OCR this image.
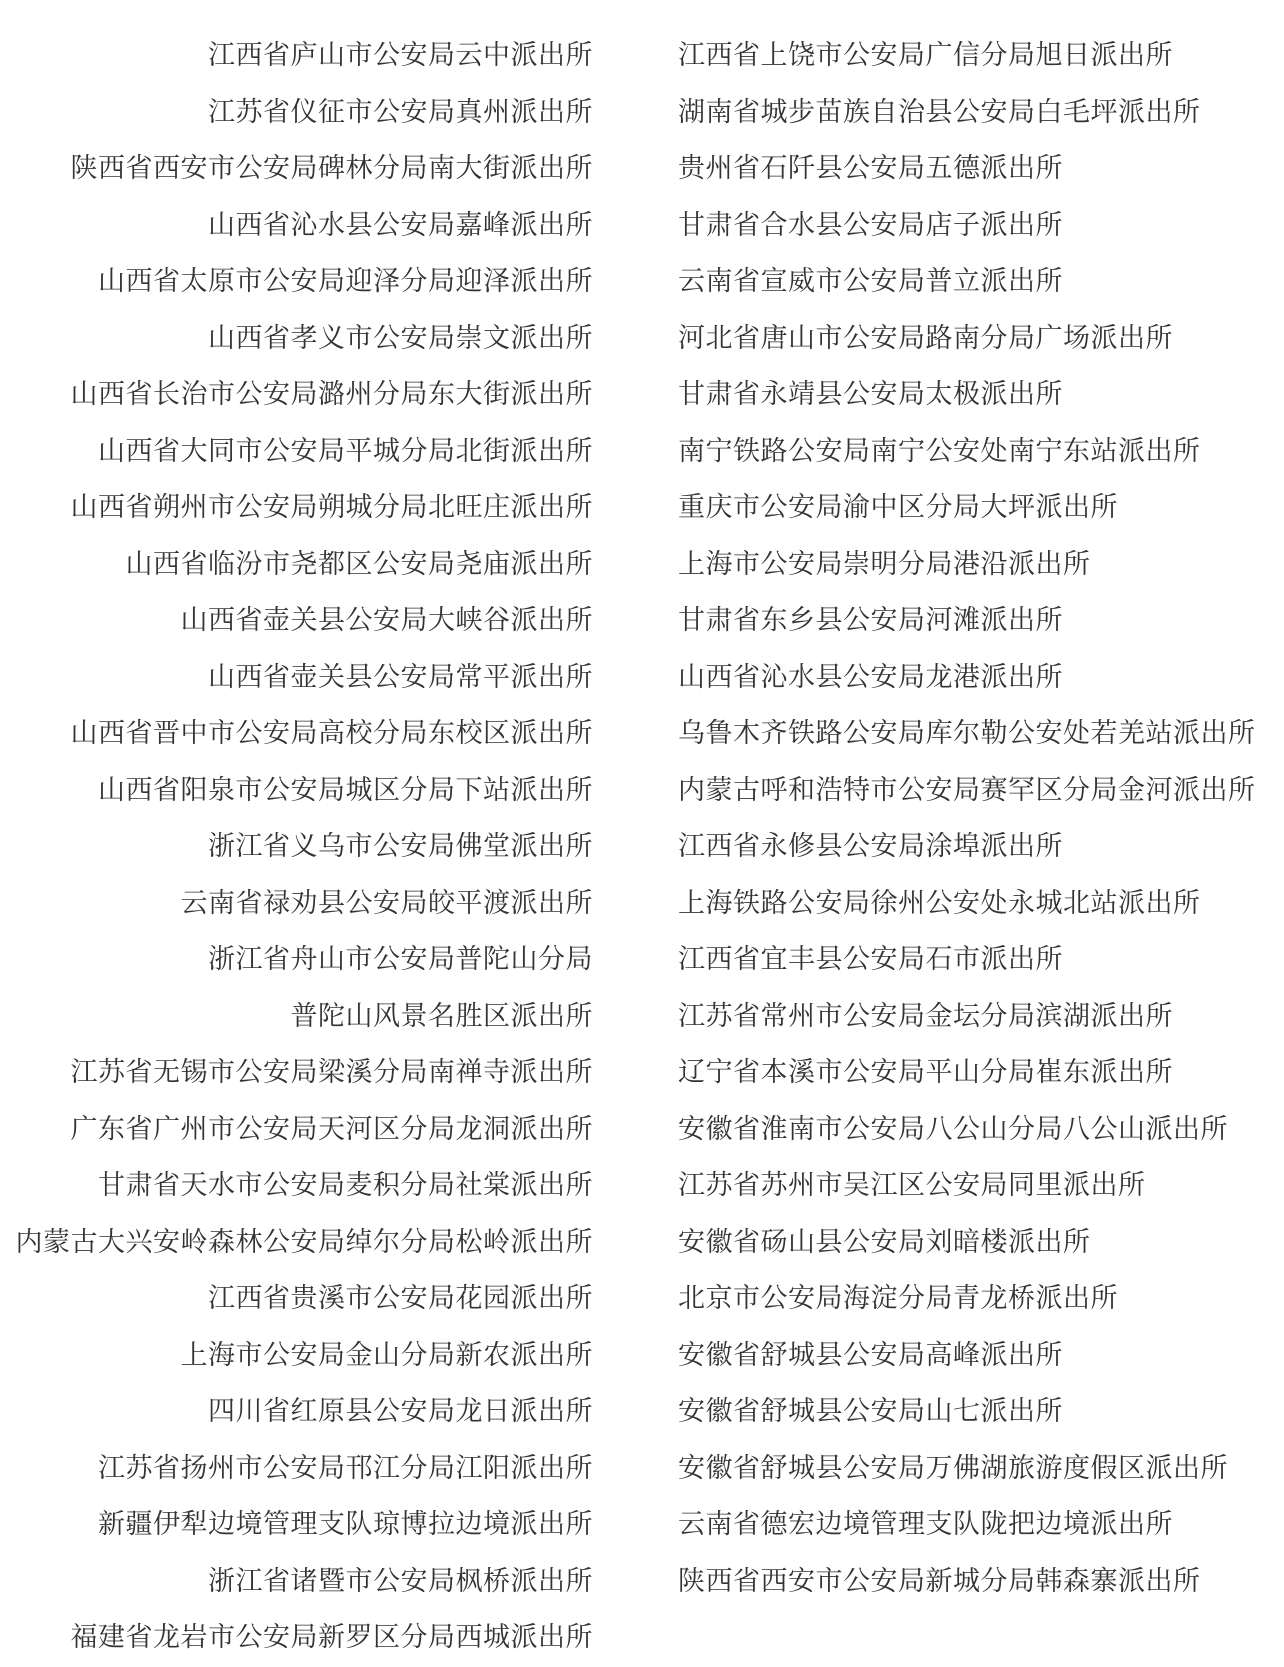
江西省庐山市公安局云中派出所
江苏省仪征市公安局真州派出所
陕西省西安市公安局碑林分局南大街派出所
山西省沁水县公安局嘉峰派出所
山西省太原市公安局迎泽分局迎泽派出所
山西省孝义市公安局崇文派出所
山西省长治市公安局潞州分局东大街派出所
山西省大同市公安局平城分局北街派出所
山西省朔州市公安局朔城分局北旺庄派出所
山西省临汾市尧都区公安局尧庙派出所
山西省壶关县公安局大峡谷派出所
山西省壶关县公安局常平派出所
山西省晋中市公安局高校分局东校区派出所
山西省阳泉市公安局城区分局下站派出所
浙江省义乌市公安局佛堂派出所
云南省禄劝县公安局皎平渡派出所
浙江省舟山市公安局普陀山分局
普陀山风景名胜区派出所
江苏省无锡市公安局梁溪分局南禅寺派出所
广东省广州市公安局天河区分局龙洞派出所
甘肃省天水市公安局麦积分局社棠派出所
内蒙古大兴安岭森林公安局绰尔分局松岭派出所
江西省贵溪市公安局花园派出所
上海市公安局金山分局新农派出所
四川省红原县公安局龙日派出所
江苏省扬州市公安局邗江分局江阳派出所
新疆伊犁边境管理支队琼博拉边境派出所
浙江省诸暨市公安局枫桥派出所
福建省龙岩市公安局新罗区分局西城派出所
江西省上饶市公安局广信分局旭日派出所
湖南省城步苗族自治县公安局白毛坪派出所
贵州省石阡县公安局五德派出所
甘肃省合水县公安局店子派出所
云南省宣威市公安局普立派出所
河北省唐山市公安局路南分局广场派出所
甘肃省永靖县公安局太极派出所
南宁铁路公安局南宁公安处南宁东站派出所
重庆市公安局渝中区分局大坪派出所
上海市公安局崇明分局港沿派出所
甘肃省东乡县公安局河滩派出所
山西省沁水县公安局龙港派出所
乌鲁木齐铁路公安局库尔勒公安处若羌站派出所
内蒙古呼和浩特市公安局赛罕区分局金河派出所
江西省永修县公安局涂埠派出所
上海铁路公安局徐州公安处永城北站派出所
江西省宜丰县公安局石市派出所
江苏省常州市公安局金坛分局滨湖派出所
辽宁省本溪市公安局平山分局崔东派出所
安徽省淮南市公安局八公山分局八公山派出所
江苏省苏州市吴江区公安局同里派出所
安徽省砀山县公安局刘暗楼派出所
北京市公安局海淀分局青龙桥派出所
安徽省舒城县公安局高峰派出所
安徽省舒城县公安局山七派出所
安徽省舒城县公安局万佛湖旅游度假区派出所
云南省德宏边境管理支队陇把边境派出所
陕西省西安市公安局新城分局韩森寨派出所
